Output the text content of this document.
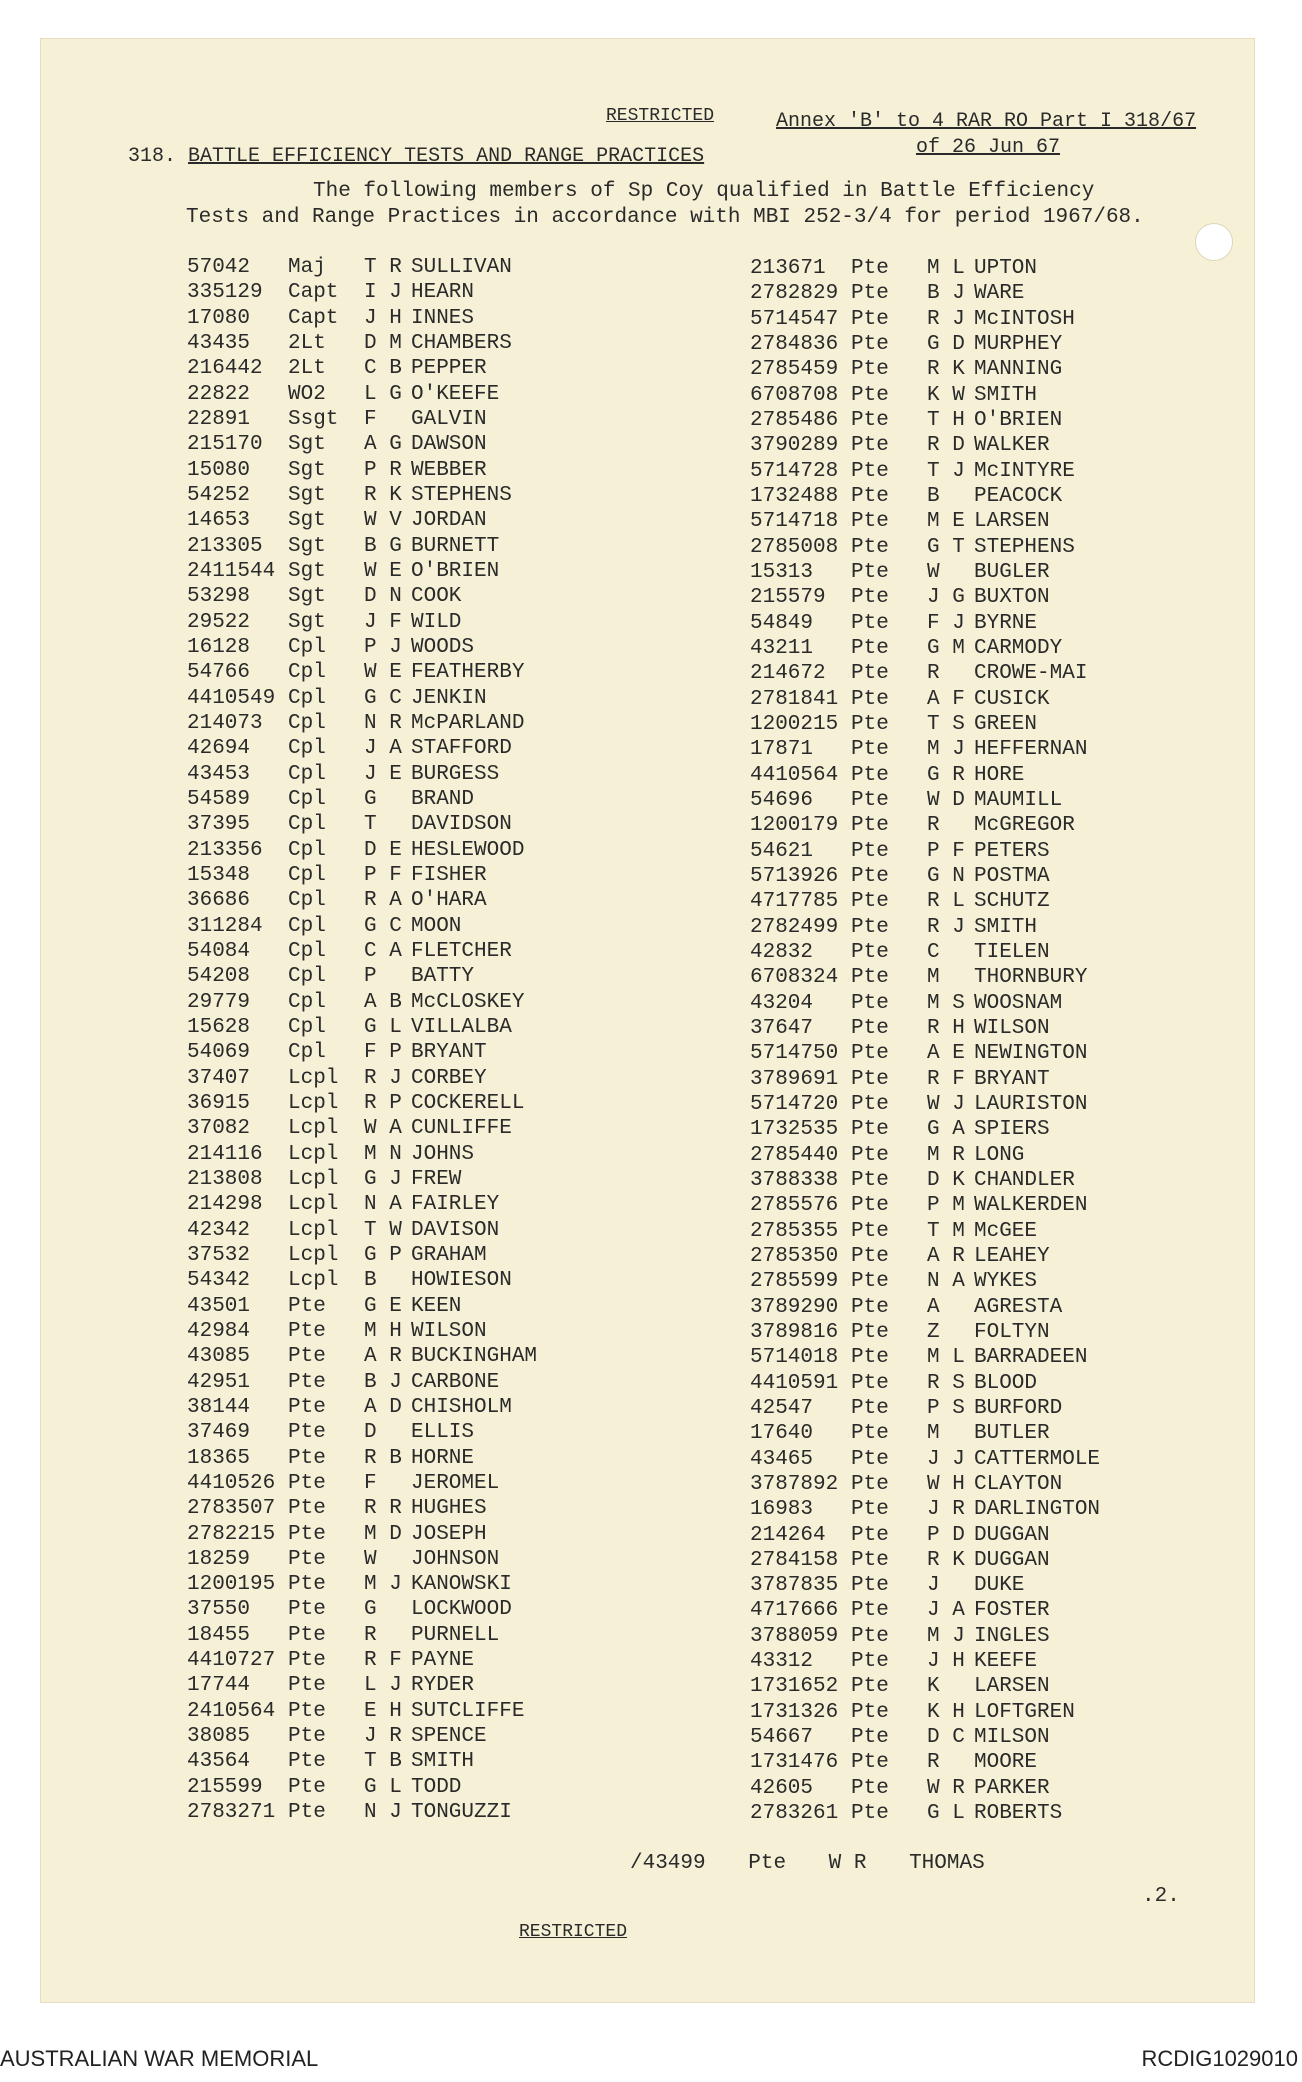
RESTRICTED	Annex 'B' to 4 RAR RO Part I 318/67
of 26 Jun 67
318. BATTLE EFFICIENCY TESTS AND RANGE PRACTICES
The following members of Sp Coy qualified in Battle Efficiency
Tests and Range Practices in accordance with MBI 252-3/4 for period 1967/68.
57042 Maj T R SULLIVAN
335129 Capt I J HEARN
17080 Capt J H INNES
43435 2Lt D M CHAMBERS
216442 2Lt C B PEPPER
22822 WO2 L G O'KEEFE
22891 Ssgt F GALVIN
215170 Sgt A G DAWSON
15080 Sgt P R WEBBER
54252 Sgt R K STEPHENS
14653 Sgt W V JORDAN
213305 Sgt B G BURNETT
2411544 Sgt W E O'BRIEN
53298 Sgt D N COOK
29522 Sgt J F WILD
16128 Cpl P J WOODS
54766 Cpl W E FEATHERBY
4410549 Cpl G C JENKIN
214073 Cpl N R McPARLAND
42694 Cpl J A STAFFORD
43453 Cpl J E BURGESS
54589 Cpl G BRAND
37395 Cpl T DAVIDSON
213356 Cpl D E HESLEWOOD
15348 Cpl P F FISHER
36686 Cpl R A O'HARA
311284 Cpl G C MOON
54084 Cpl C A FLETCHER
54208 Cpl P BATTY
29779 Cpl A B McCLOSKEY
15628 Cpl G L VILLALBA
54069 Cpl F P BRYANT
37407 Lcpl R J CORBEY
36915 Lcpl R P COCKERELL
37082 Lcpl W A CUNLIFFE
214116 Lcpl M N JOHNS
213808 Lcpl G J FREW
214298 Lcpl N A FAIRLEY
42342 Lcpl T W DAVISON
37532 Lcpl G P GRAHAM
54342 Lcpl B HOWIESON
43501 Pte G E KEEN
42984 Pte M H WILSON
43085 Pte A R BUCKINGHAM
42951 Pte B J CARBONE
38144 Pte A D CHISHOLM
37469 Pte D ELLIS
18365 Pte R B HORNE
4410526 Pte F JEROMEL
2783507 Pte R R HUGHES
2782215 Pte M D JOSEPH
18259 Pte W JOHNSON
1200195 Pte M J KANOWSKI
37550 Pte G LOCKWOOD
18455 Pte R PURNELL
4410727 Pte R F PAYNE
17744 Pte L J RYDER
2410564 Pte E H SUTCLIFFE
38085 Pte J R SPENCE
43564 Pte T B SMITH
215599 Pte G L TODD
2783271 Pte N J TONGUZZI
213671 Pte M L UPTON
2782829 Pte B J WARE
5714547 Pte R J McINTOSH
2784836 Pte G D MURPHEY
2785459 Pte R K MANNING
6708708 Pte K W SMITH
2785486 Pte T H O'BRIEN
3790289 Pte R D WALKER
5714728 Pte T J McINTYRE
1732488 Pte B PEACOCK
5714718 Pte M E LARSEN
2785008 Pte G T STEPHENS
15313 Pte W BUGLER
215579 Pte J G BUXTON
54849 Pte F J BYRNE
43211 Pte G M CARMODY
214672 Pte R CROWE-MAI
2781841 Pte A F CUSICK
1200215 Pte T S GREEN
17871 Pte M J HEFFERNAN
4410564 Pte G R HORE
54696 Pte W D MAUMILL
1200179 Pte R McGREGOR
54621 Pte P F PETERS
5713926 Pte G N POSTMA
4717785 Pte R L SCHUTZ
2782499 Pte R J SMITH
42832 Pte C TIELEN
6708324 Pte M THORNBURY
43204 Pte M S WOOSNAM
37647 Pte R H WILSON
5714750 Pte A E NEWINGTON
3789691 Pte R F BRYANT
5714720 Pte W J LAURISTON
1732535 Pte G A SPIERS
2785440 Pte M R LONG
3788338 Pte D K CHANDLER
2785576 Pte P M WALKERDEN
2785355 Pte T M McGEE
2785350 Pte A R LEAHEY
2785599 Pte N A WYKES
3789290 Pte A AGRESTA
3789816 Pte Z FOLTYN
5714018 Pte M L BARRADEEN
4410591 Pte R S BLOOD
42547 Pte P S BURFORD
17640 Pte M BUTLER
43465 Pte J J CATTERMOLE
3787892 Pte W H CLAYTON
16983 Pte J R DARLINGTON
214264 Pte P D DUGGAN
2784158 Pte R K DUGGAN
3787835 Pte J DUKE
4717666 Pte J A FOSTER
3788059 Pte M J INGLES
43312 Pte J H KEEFE
1731652 Pte K LARSEN
1731326 Pte K H LOFTGREN
54667 Pte D C MILSON
1731476 Pte R MOORE
42605 Pte W R PARKER
2783261 Pte G L ROBERTS
/43499 Pte W R THOMAS
.2.
RESTRICTED
AUSTRALIAN WAR MEMORIAL	RCDIG1029010
